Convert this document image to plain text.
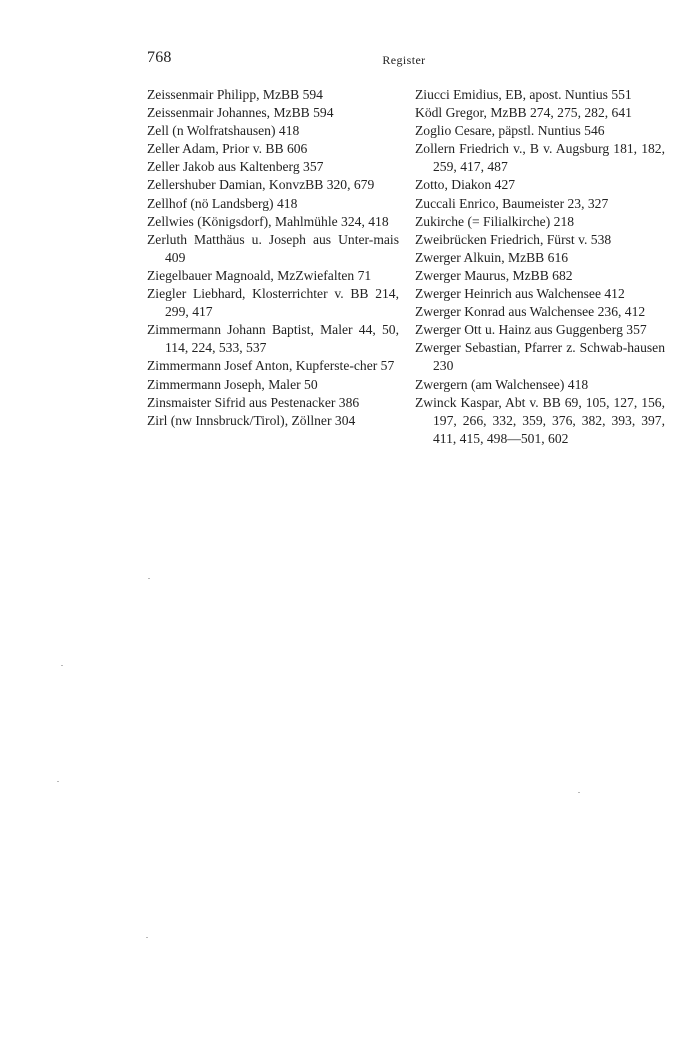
768	Register

Zeissenmair Philipp, MzBB 594

Zeissenmair Johannes, MzBB 594

Zell (n Wolfratshausen) 418

Zeller Adam, Prior v. BB 606

Zeller Jakob aus Kaltenberg 357

Zellershuber Damian, KonvzBB 320, 679

Zellhof (nö Landsberg) 418

Zellwies (Königsdorf), Mahlmühle 324, 418

Zerluth Matthäus u. Joseph aus Unter-mais 409

Ziegelbauer Magnoald, MzZwiefalten 71

Ziegler Liebhard, Klosterrichter v. BB 214, 299, 417

Zimmermann Johann Baptist, Maler 44, 50, 114, 224, 533, 537

Zimmermann Josef Anton, Kupferste-cher 57

Zimmermann Joseph, Maler 50

Zinsmaister Sifrid aus Pestenacker 386

Zirl (nw Innsbruck/Tirol), Zöllner 304

Ziucci Emidius, EB, apost. Nuntius 551

Ködl Gregor, MzBB 274, 275, 282, 641

Zoglio Cesare, päpstl. Nuntius 546

Zollern Friedrich v., B v. Augsburg 181, 182, 259, 417, 487

Zotto, Diakon 427

Zuccali Enrico, Baumeister 23, 327

Zukirche (= Filialkirche) 218

Zweibrücken Friedrich, Fürst v. 538

Zwerger Alkuin, MzBB 616

Zwerger Maurus, MzBB 682

Zwerger Heinrich aus Walchensee 412

Zwerger Konrad aus Walchensee 236, 412

Zwerger Ott u. Hainz aus Guggenberg 357

Zwerger Sebastian, Pfarrer z. Schwab-hausen 230

Zwergern (am Walchensee) 418

Zwinck Kaspar, Abt v. BB 69, 105, 127, 156, 197, 266, 332, 359, 376, 382, 393, 397, 411, 415, 498—501, 602
